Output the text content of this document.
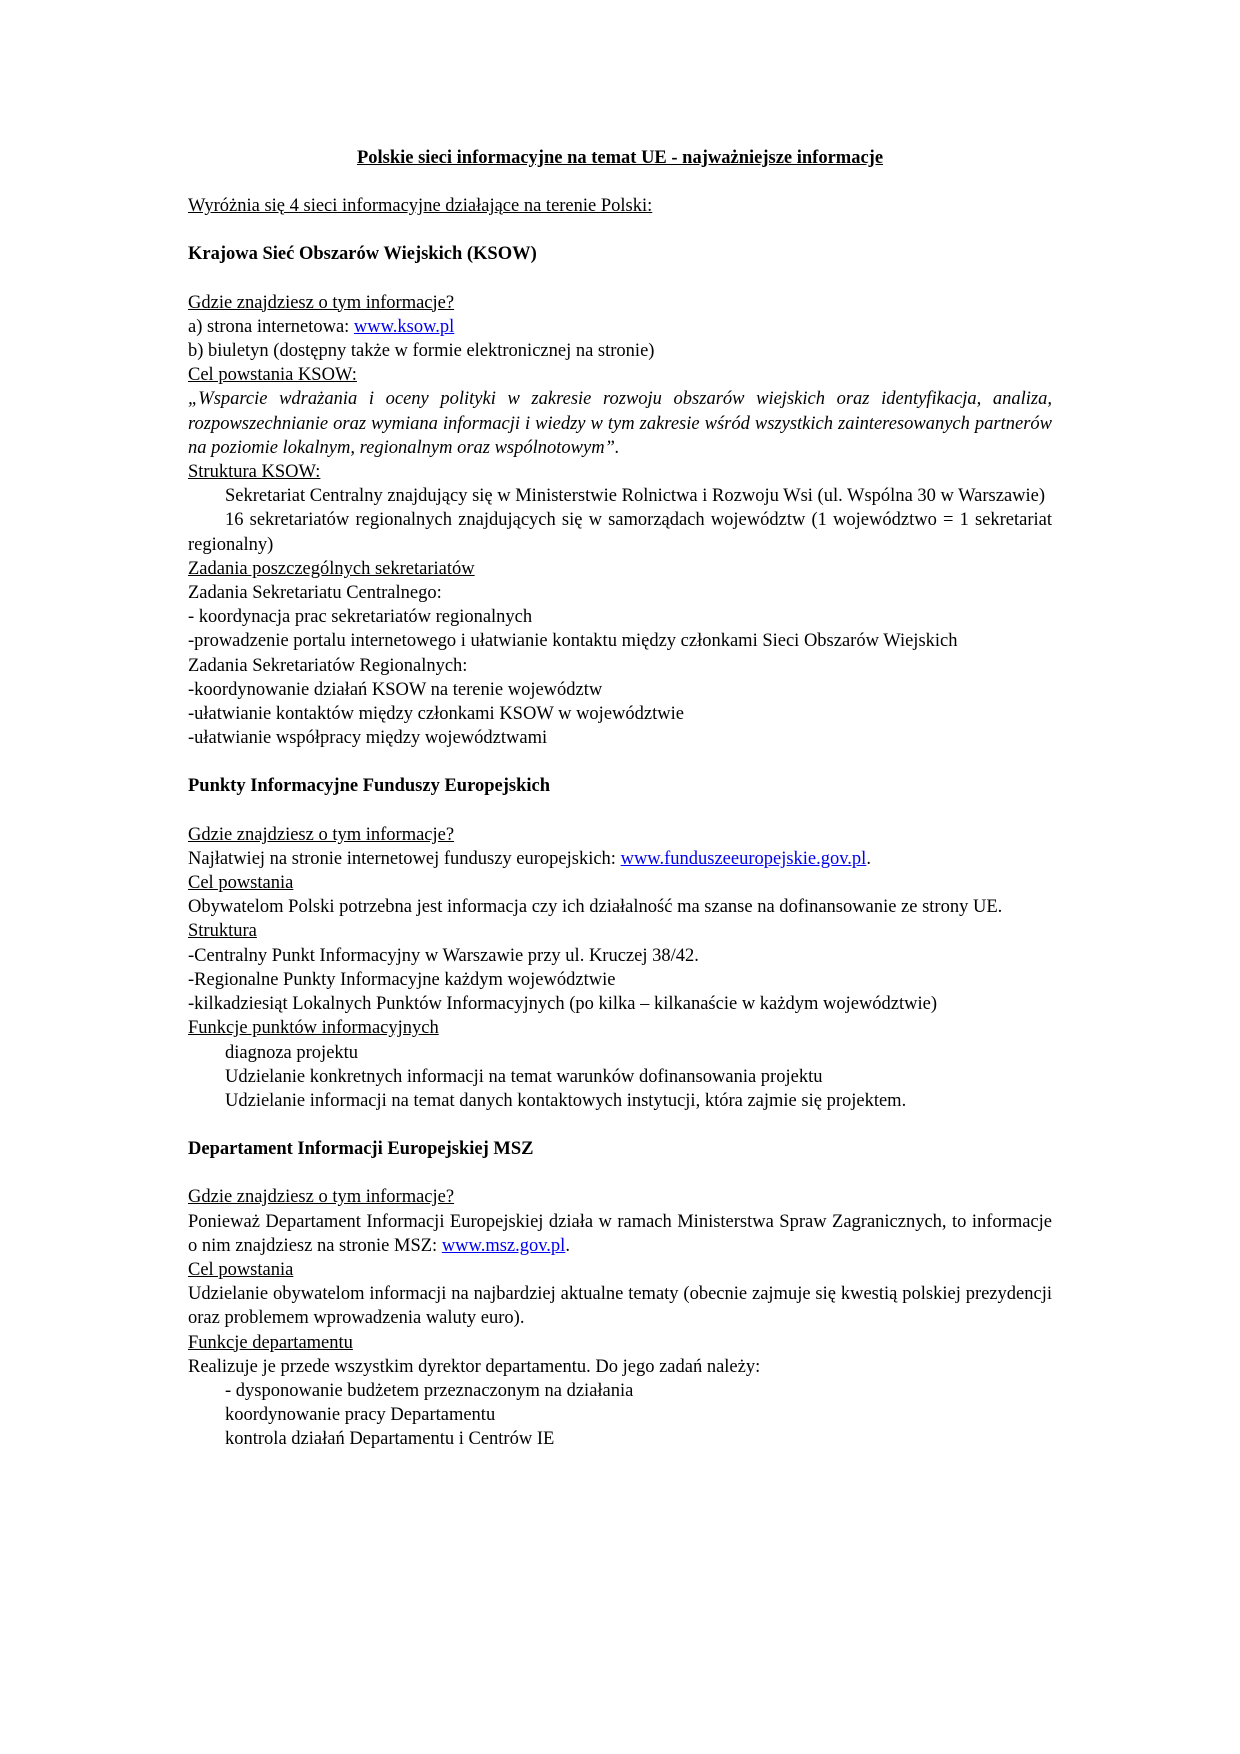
Polskie sieci informacyjne na temat UE - najważniejsze informacje

Wyróżnia się 4 sieci informacyjne działające na terenie Polski:

Krajowa Sieć Obszarów Wiejskich (KSOW)

Gdzie znajdziesz o tym informacje?

a) strona internetowa: www.ksow.pl

b) biuletyn (dostępny także w formie elektronicznej na stronie)

Cel powstania KSOW:

„Wsparcie wdrażania i oceny polityki w zakresie rozwoju obszarów wiejskich oraz identyfikacja, analiza, rozpowszechnianie oraz wymiana informacji i wiedzy w tym zakresie wśród wszystkich zainteresowanych partnerów na poziomie lokalnym, regionalnym oraz wspólnotowym”.

Struktura KSOW:

Sekretariat Centralny znajdujący się w Ministerstwie Rolnictwa i Rozwoju Wsi (ul. Wspólna 30 w Warszawie)

16 sekretariatów regionalnych znajdujących się w samorządach województw (1 województwo = 1 sekretariat regionalny)

Zadania poszczególnych sekretariatów

Zadania Sekretariatu Centralnego:

- koordynacja prac sekretariatów regionalnych

-prowadzenie portalu internetowego i ułatwianie kontaktu między członkami Sieci Obszarów Wiejskich

Zadania Sekretariatów Regionalnych:

-koordynowanie działań KSOW na terenie województw

-ułatwianie kontaktów między członkami KSOW w województwie

-ułatwianie współpracy między województwami

Punkty Informacyjne Funduszy Europejskich

Gdzie znajdziesz o tym informacje?

Najłatwiej na stronie internetowej funduszy europejskich: www.funduszeeuropejskie.gov.pl.

Cel powstania

Obywatelom Polski potrzebna jest informacja czy ich działalność ma szanse na dofinansowanie ze strony UE.

Struktura

-Centralny Punkt Informacyjny w Warszawie przy ul. Kruczej 38/42.

-Regionalne Punkty Informacyjne każdym województwie

-kilkadziesiąt Lokalnych Punktów Informacyjnych (po kilka – kilkanaście w każdym województwie)

Funkcje punktów informacyjnych

diagnoza projektu

Udzielanie konkretnych informacji na temat warunków dofinansowania projektu

Udzielanie informacji na temat danych kontaktowych instytucji, która zajmie się projektem.

Departament Informacji Europejskiej MSZ

Gdzie znajdziesz o tym informacje?

Ponieważ Departament Informacji Europejskiej działa w ramach Ministerstwa Spraw Zagranicznych, to informacje o nim znajdziesz na stronie MSZ: www.msz.gov.pl.

Cel powstania

Udzielanie obywatelom informacji na najbardziej aktualne tematy (obecnie zajmuje się kwestią polskiej prezydencji oraz problemem wprowadzenia waluty euro).

Funkcje departamentu

Realizuje je przede wszystkim dyrektor departamentu. Do jego zadań należy:

- dysponowanie budżetem przeznaczonym na działania

koordynowanie pracy Departamentu

kontrola działań Departamentu i Centrów IE
